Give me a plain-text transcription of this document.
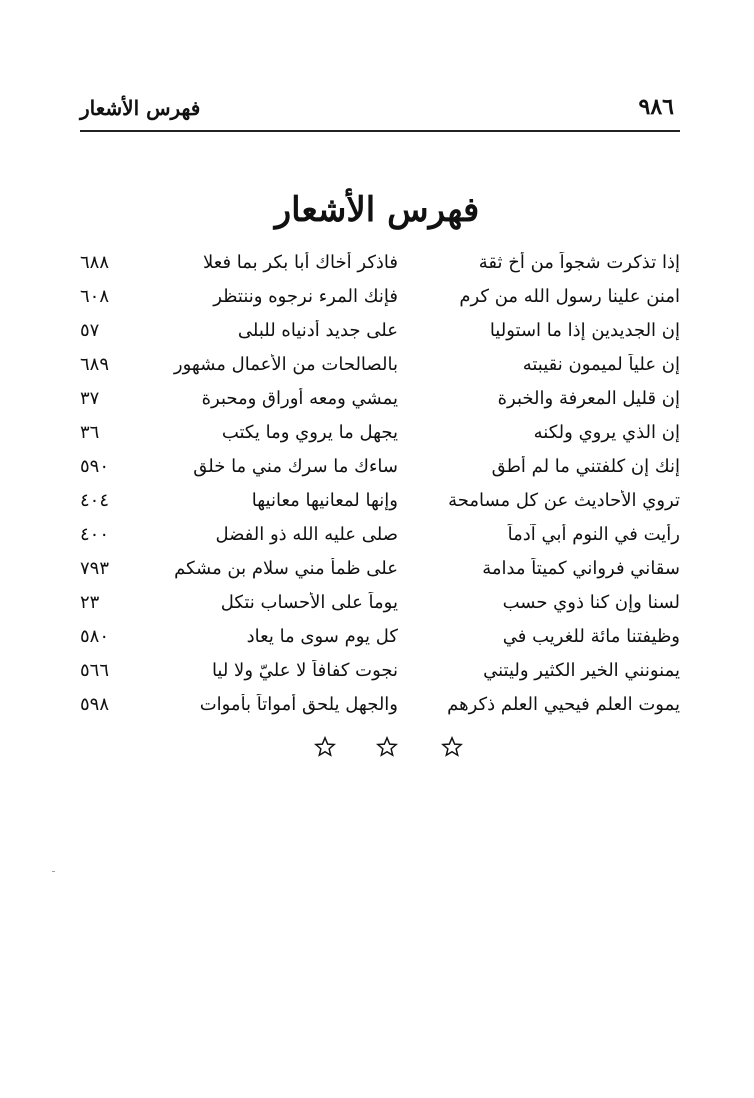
٩٨٦
فهرس الأشعار
فهرس الأشعار
إذا تذكرت شجواً من أخ ثقة
فاذكر أخاك أبا بكر بما فعلا
٦٨٨
امنن علينا رسول الله من كرم
فإنك المرء نرجوه وننتظر
٦٠٨
إن الجديدين إذا ما استوليا
على جديد أدنياه للبلى
٥٧
إن علياً لميمون نقيبته
بالصالحات من الأعمال مشهور
٦٨٩
إن قليل المعرفة والخبرة
يمشي ومعه أوراق ومحبرة
٣٧
إن الذي يروي ولكنه
يجهل ما يروي وما يكتب
٣٦
إنك إن كلفتني ما لم أطق
ساءك ما سرك مني ما خلق
٥٩٠
تروي الأحاديث عن كل مسامحة
وإنها لمعانيها معانيها
٤٠٤
رأيت في النوم أبي آدماً
صلى عليه الله ذو الفضل
٤٠٠
سقاني فرواني كميتاً مدامة
على ظمأ مني سلام بن مشكم
٧٩٣
لسنا وإن كنا ذوي حسب
يوماً على الأحساب نتكل
٢٣
وظيفتنا مائة للغريب في
كل يوم سوى ما يعاد
٥٨٠
يمنونني الخير الكثير وليتني
نجوت كفافاً لا عليّ ولا ليا
٥٦٦
يموت العلم فيحيي العلم ذكرهم
والجهل يلحق أمواتاً بأموات
٥٩٨
ـ
